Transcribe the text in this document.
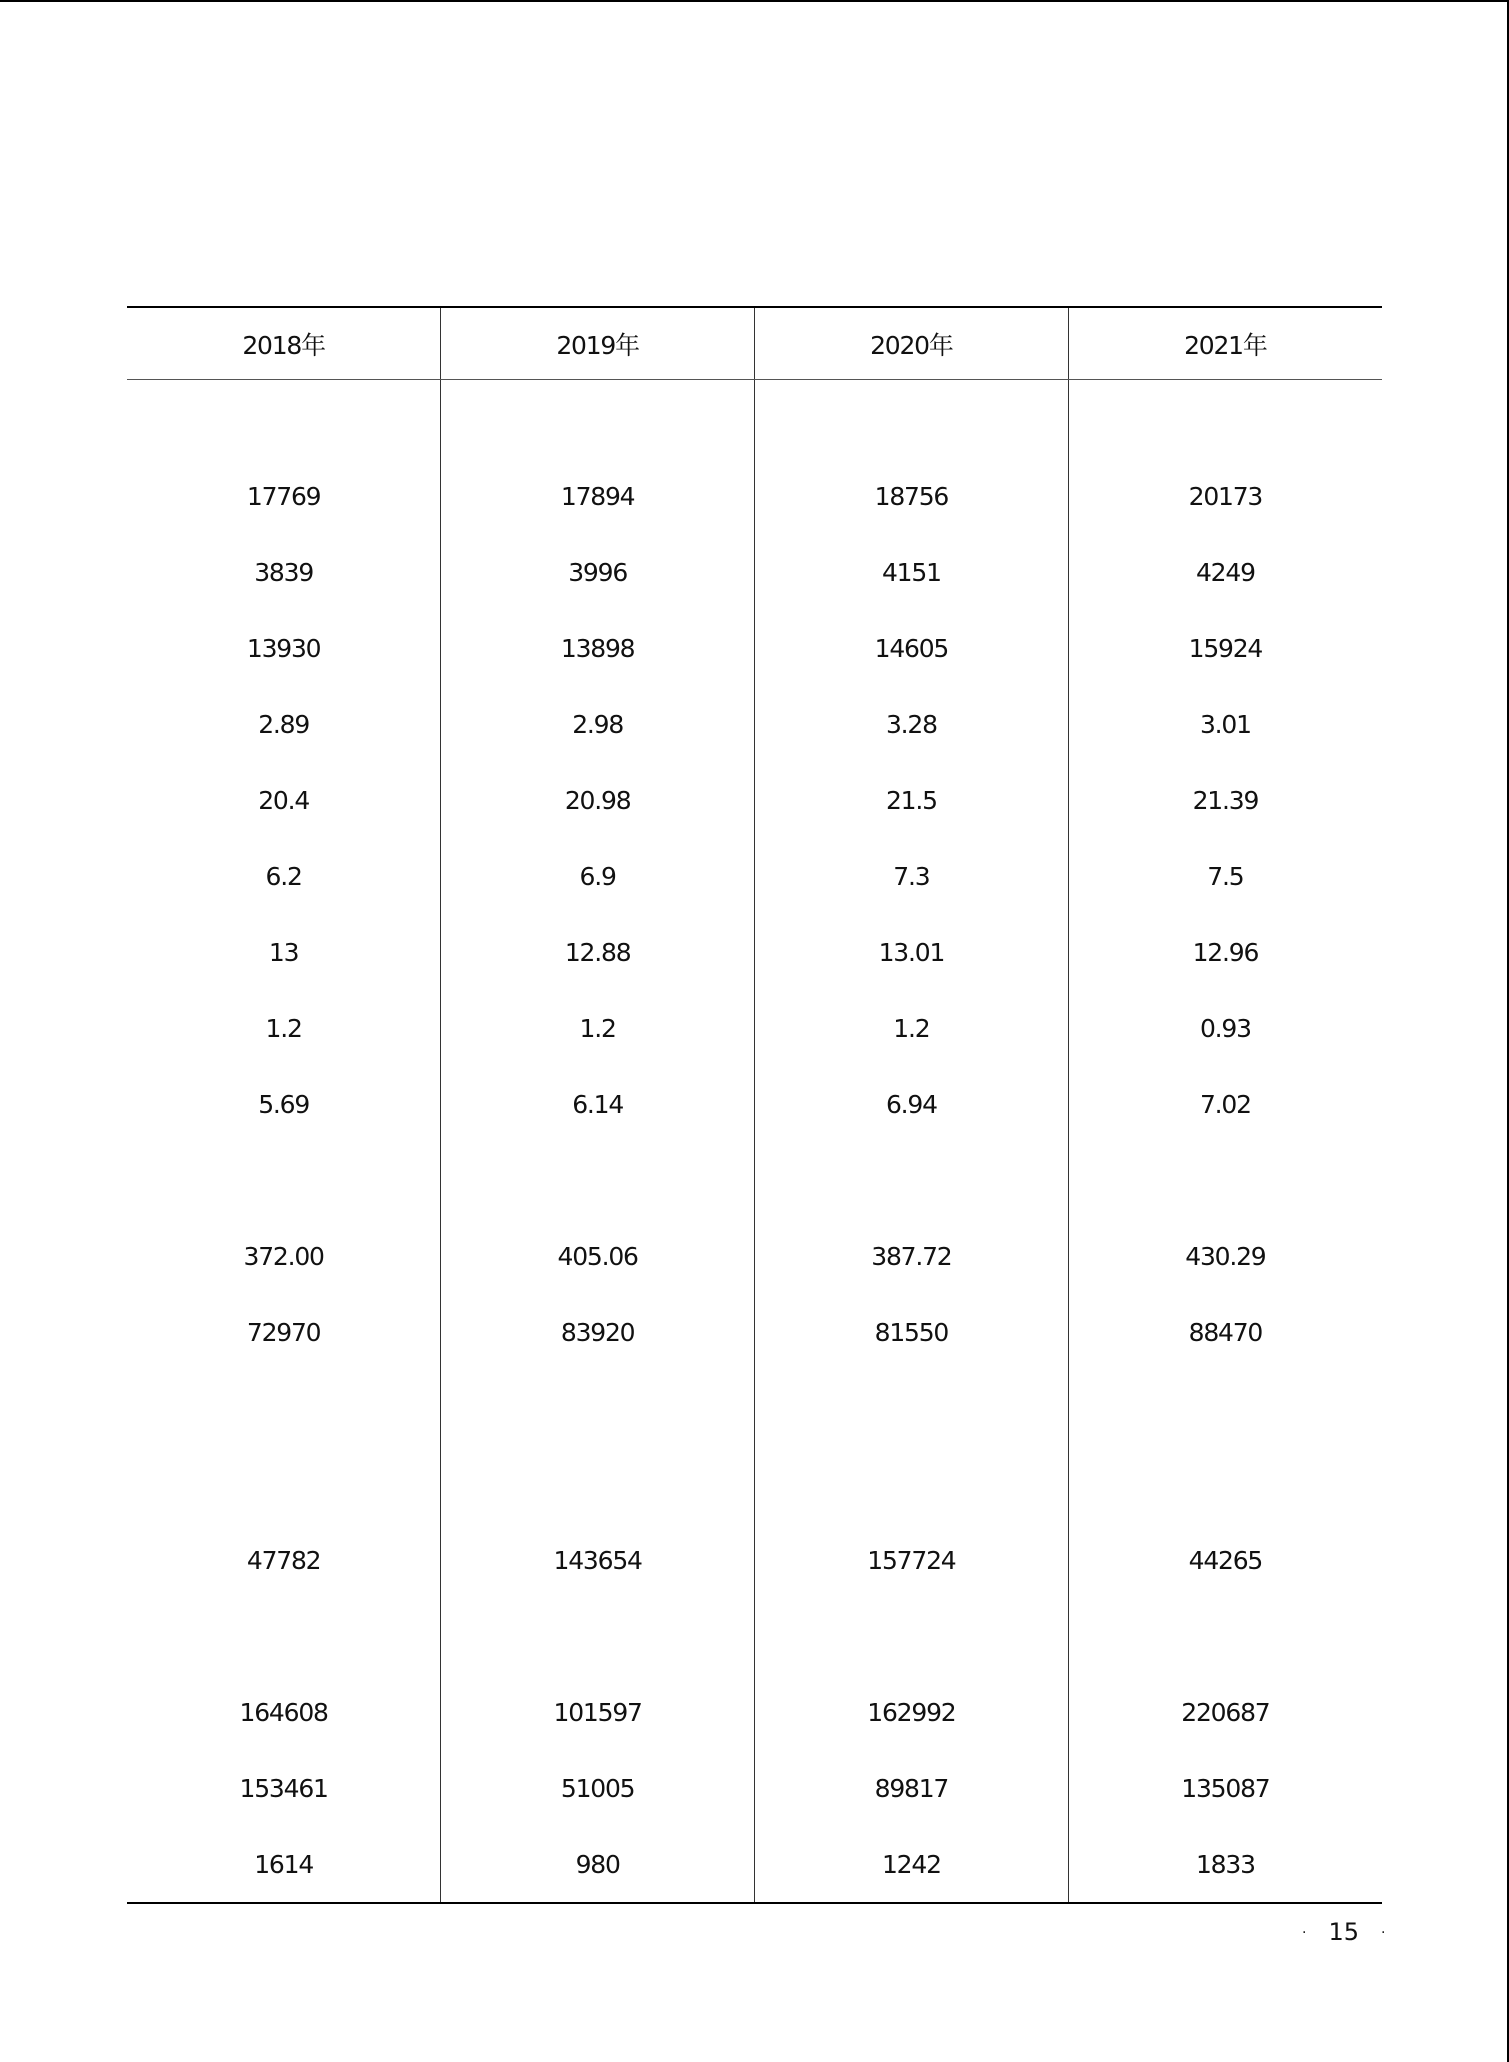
2018年	2019年	2020年	2021年

17769	17894	18756	20173
3839	3996	4151	4249
13930	13898	14605	15924
2.89	2.98	3.28	3.01
20.4	20.98	21.5	21.39
6.2	6.9	7.3	7.5
13	12.88	13.01	12.96
1.2	1.2	1.2	0.93
5.69	6.14	6.94	7.02

372.00	405.06	387.72	430.29
72970	83920	81550	88470

47782	143654	157724	44265

164608	101597	162992	220687
153461	51005	89817	135087
1614	980	1242	1833
· 15 ·
